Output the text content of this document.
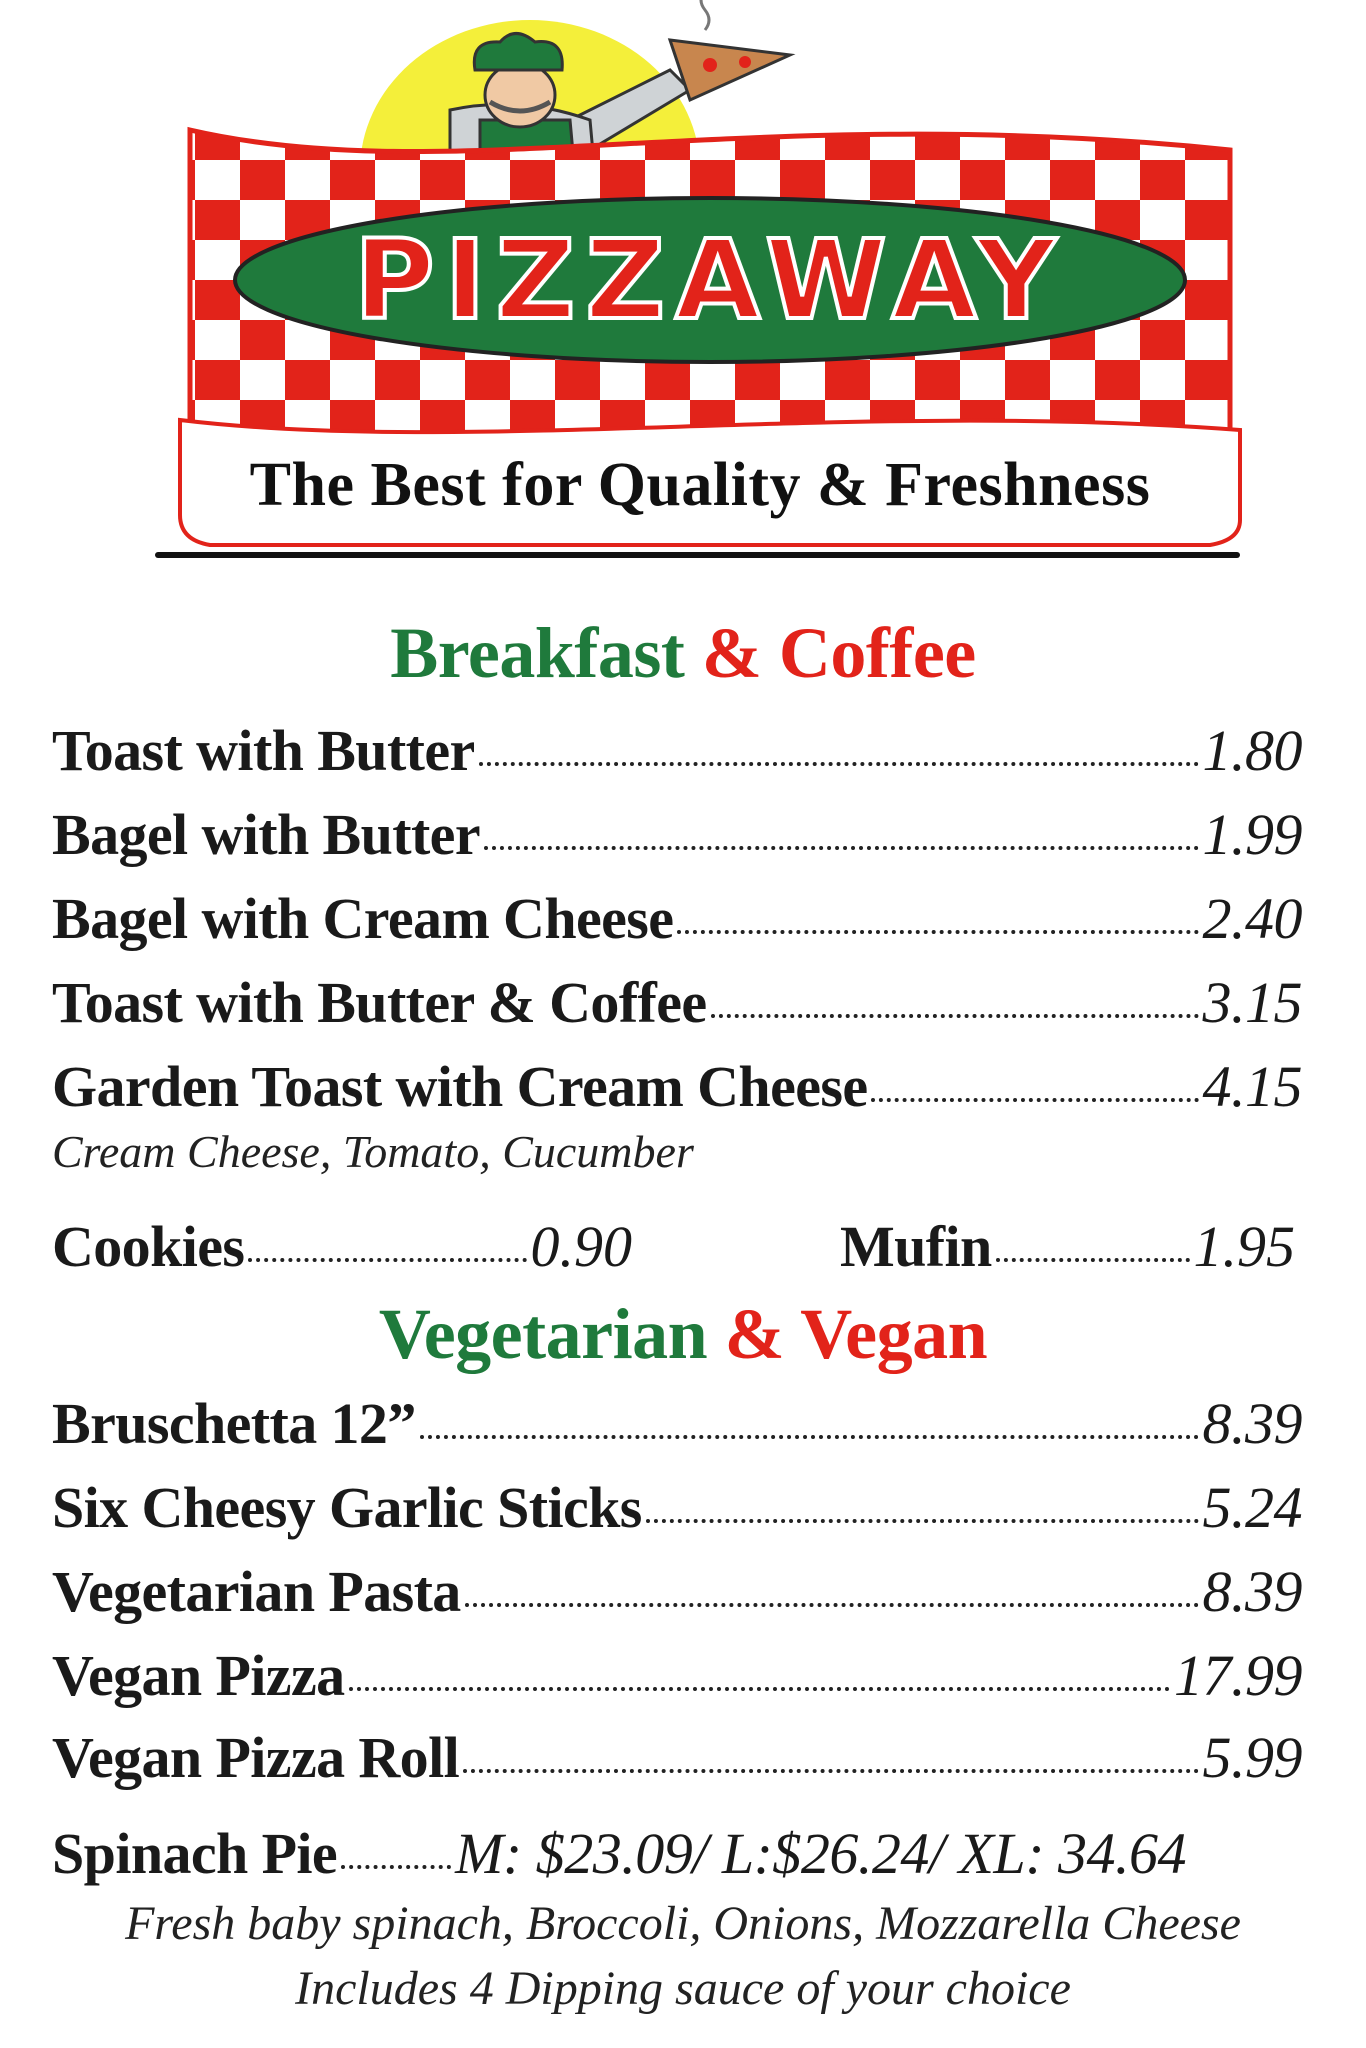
PIZZAWAY
The Best for Quality & Freshness
Breakfast & Coffee
Toast with Butter	1.80
Bagel with Butter	1.99
Bagel with Cream Cheese	2.40
Toast with Butter & Coffee	3.15
Garden Toast with Cream Cheese	4.15
Cream Cheese, Tomato, Cucumber
Cookies	0.90	Mufin	1.95
Vegetarian & Vegan
Bruschetta 12”	8.39
Six Cheesy Garlic Sticks	5.24
Vegetarian Pasta	8.39
Vegan Pizza	17.99
Vegan Pizza Roll	5.99
Spinach Pie M: $23.09/ L:$26.24/ XL: 34.64
Fresh baby spinach, Broccoli, Onions, Mozzarella Cheese
Includes 4 Dipping sauce of your choice
